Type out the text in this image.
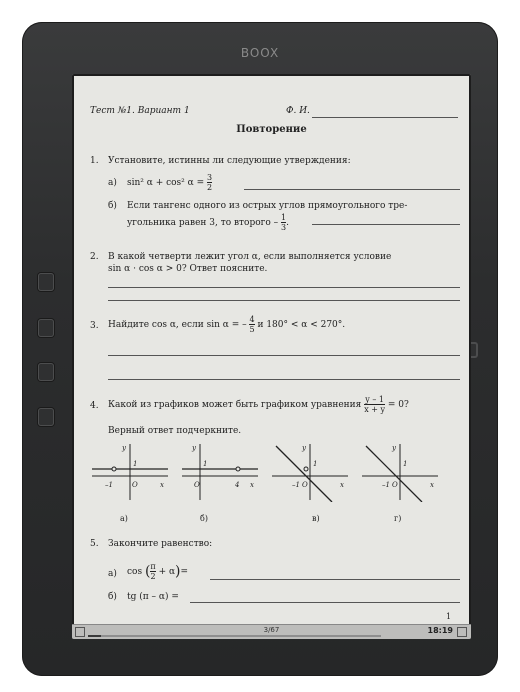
BOOX
Тест №1. Вариант 1	Ф. И.
Повторение
1. Установите, истинны ли следующие утверждения:
а) sin² α + cos² $\alpha = \frac{3}{2}$
б) Если тангенс одного из острых углов прямоугольного тре-
угольника равен 3, то второго – $\frac{1}{3}$ .
2. В какой четверти лежит угол α, если выполняется условие
sin α · cos α > 0? Ответ поясните.
3. Найдите cos α, если sin α = – $\frac{4}{5}$ и 180° < α < 270°.
4. Какой из графиков может быть графиком уравнения $\frac{y - 1}{x + y} = 0$?
Верный ответ подчеркните.
y
1
–1	O	x
y
1
O	4 x
y
1
–1 O	x
y
1
–1 O	x
а)	б)	в)	г)
5. Закончите равенство:
а) cos ( $\frac{\pi}{2} + \alpha)=$
б) tg (π – α) =
1
3/67	18:19
